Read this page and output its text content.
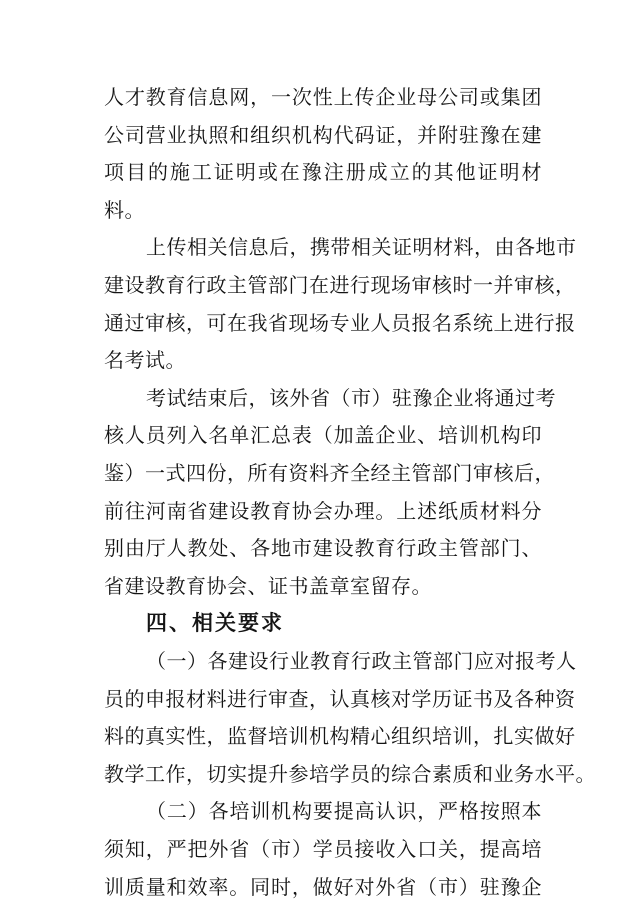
人才教育信息网，一次性上传企业母公司或集团
公司营业执照和组织机构代码证，并附驻豫在建
项目的施工证明或在豫注册成立的其他证明材
料。
上传相关信息后，携带相关证明材料，由各地市
建设教育行政主管部门在进行现场审核时一并审核，
通过审核，可在我省现场专业人员报名系统上进行报
名考试。
考试结束后，该外省（市）驻豫企业将通过考
核人员列入名单汇总表（加盖企业、培训机构印
鉴）一式四份，所有资料齐全经主管部门审核后，
前往河南省建设教育协会办理。上述纸质材料分
别由厅人教处、各地市建设教育行政主管部门、
省建设教育协会、证书盖章室留存。
四、相关要求
（一）各建设行业教育行政主管部门应对报考人
员的申报材料进行审查，认真核对学历证书及各种资
料的真实性，监督培训机构精心组织培训，扎实做好
教学工作，切实提升参培学员的综合素质和业务水平。
（二）各培训机构要提高认识，严格按照本
须知，严把外省（市）学员接收入口关，提高培
训质量和效率。同时，做好对外省（市）驻豫企
